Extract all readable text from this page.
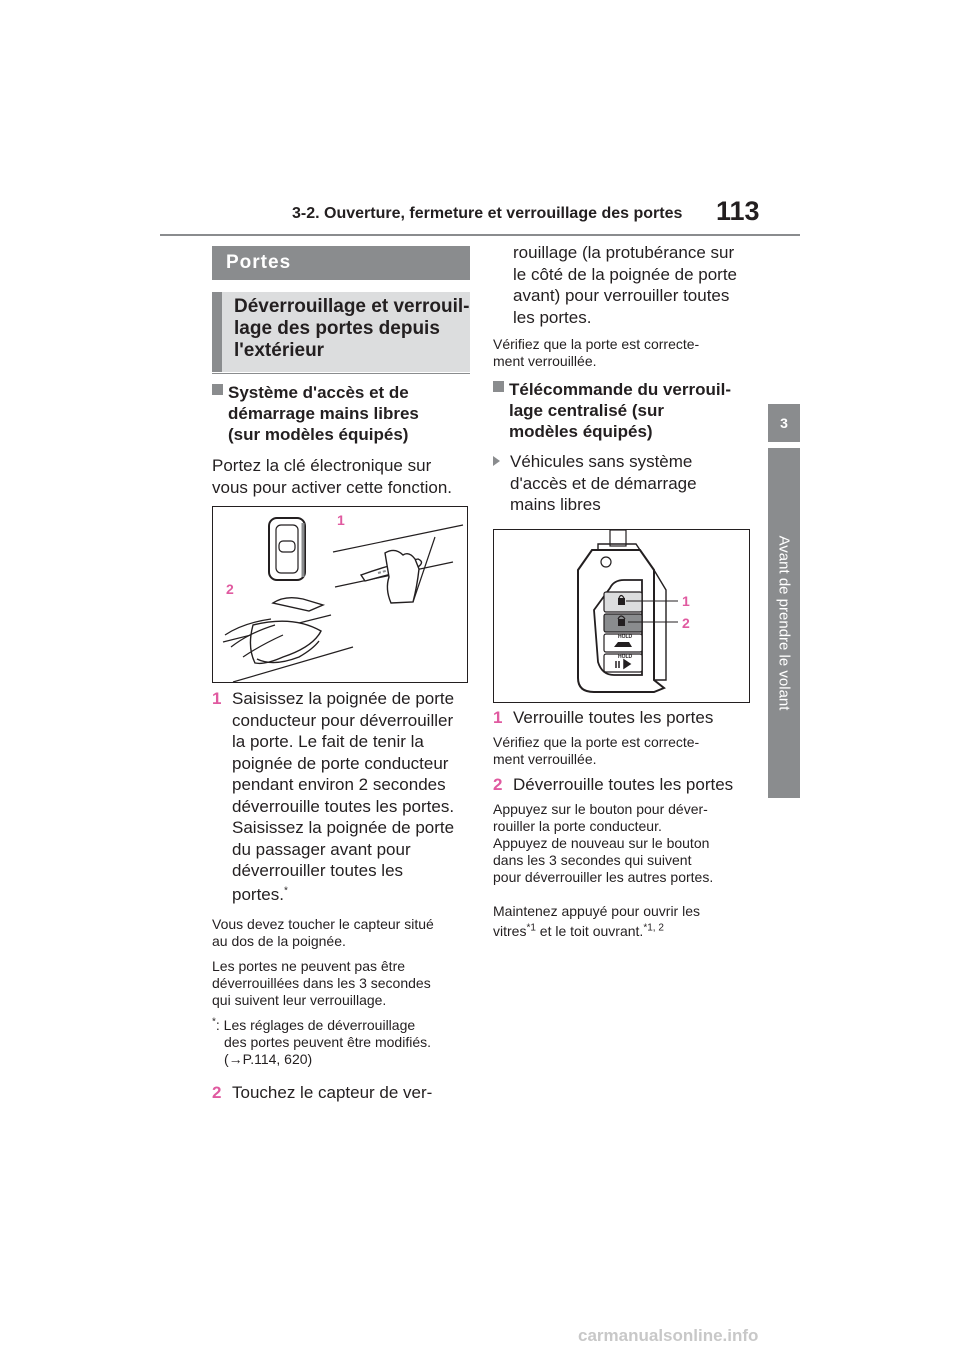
3-2. Ouverture, fermeture et verrouillage des portes 113
3
Avant de prendre le volant
Portes
Déverrouillage et verrouil-
lage des portes depuis
l'extérieur
Système d'accès et de
démarrage mains libres
(sur modèles équipés)
Portez la clé électronique sur
vous pour activer cette fonction.
1
2
1 Saisissez la poignée de porte
conducteur pour déverrouiller
la porte. Le fait de tenir la
poignée de porte conducteur
pendant environ 2 secondes
déverrouille toutes les portes.
Saisissez la poignée de porte
du passager avant pour
déverrouiller toutes les
portes.*
Vous devez toucher le capteur situé
au dos de la poignée.
Les portes ne peuvent pas être
déverrouillées dans les 3 secondes
qui suivent leur verrouillage.
*: Les réglages de déverrouillage
des portes peuvent être modifiés.
(→P.114, 620)
2 Touchez le capteur de ver-
rouillage (la protubérance sur
le côté de la poignée de porte
avant) pour verrouiller toutes
les portes.
Vérifiez que la porte est correcte-
ment verrouillée.
Télécommande du verrouil-
lage centralisé (sur
modèles équipés)
Véhicules sans système
d'accès et de démarrage
mains libres
HOLD
HOLD
1
2
1 Verrouille toutes les portes
Vérifiez que la porte est correcte-
ment verrouillée.
2 Déverrouille toutes les portes
Appuyez sur le bouton pour déver-
rouiller la porte conducteur.
Appuyez de nouveau sur le bouton
dans les 3 secondes qui suivent
pour déverrouiller les autres portes.
Maintenez appuyé pour ouvrir les
vitres$^{*1}$ et le toit ouvrant.$^{*1, 2}$
carmanualsonline.info
